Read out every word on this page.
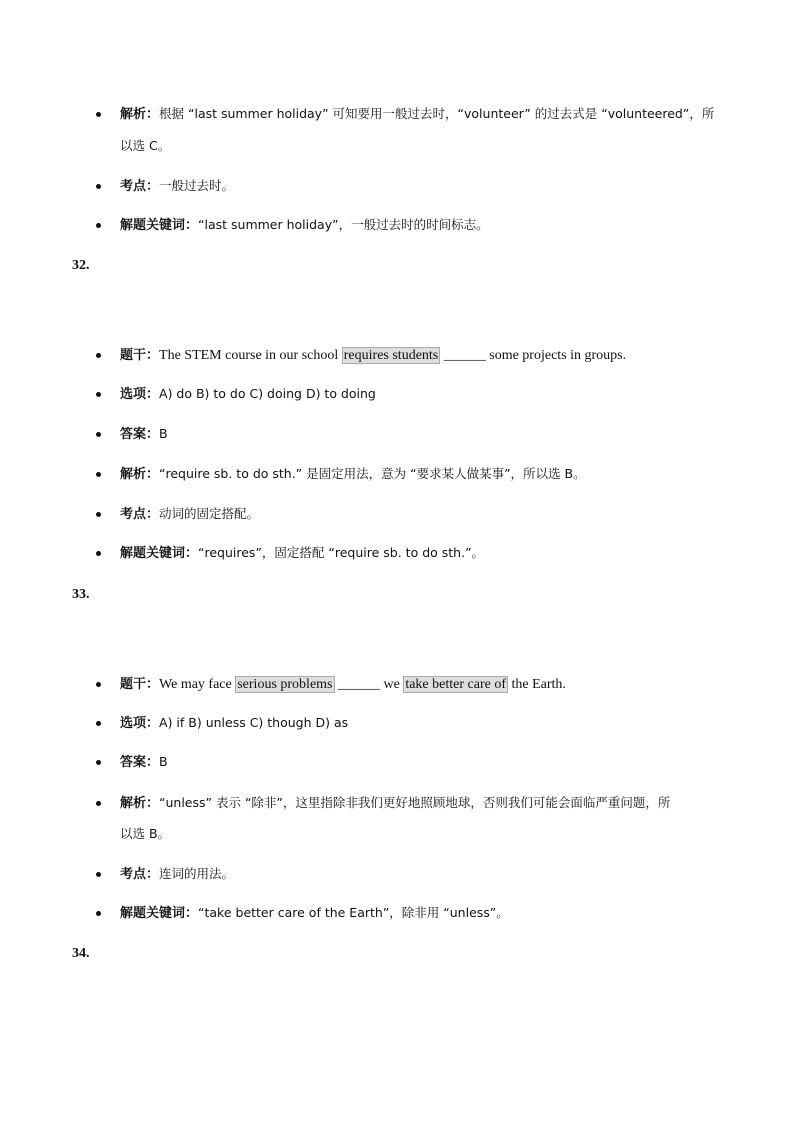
解析：根据 “last summer holiday” 可知要用一般过去时，“volunteer” 的过去式是 “volunteered”，所
以选 C。
考点：一般过去时。
解题关键词：“last summer holiday”，一般过去时的时间标志。
32.
题干：The STEM course in our school requires students ______ some projects in groups.
选项：A) do B) to do C) doing D) to doing
答案：B
解析：“require sb. to do sth.” 是固定用法，意为 “要求某人做某事”，所以选 B。
考点：动词的固定搭配。
解题关键词：“requires”，固定搭配 “require sb. to do sth.”。
33.
题干：We may face serious problems ______ we take better care of the Earth.
选项：A) if B) unless C) though D) as
答案：B
解析：“unless” 表示 “除非”，这里指除非我们更好地照顾地球，否则我们可能会面临严重问题，所
以选 B。
考点：连词的用法。
解题关键词：“take better care of the Earth”，除非用 “unless”。
34.
